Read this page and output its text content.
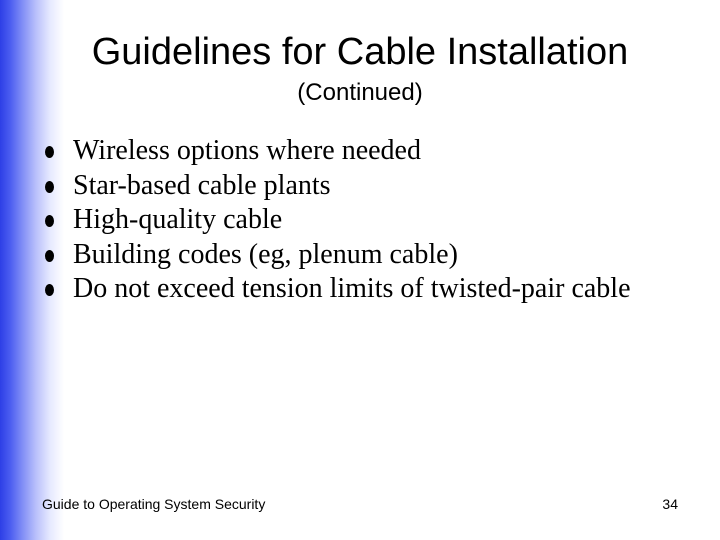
Guidelines for Cable Installation
(Continued)
Wireless options where needed
Star-based cable plants
High-quality cable
Building codes (eg, plenum cable)
Do not exceed tension limits of twisted-pair cable
Guide to Operating System Security	34
